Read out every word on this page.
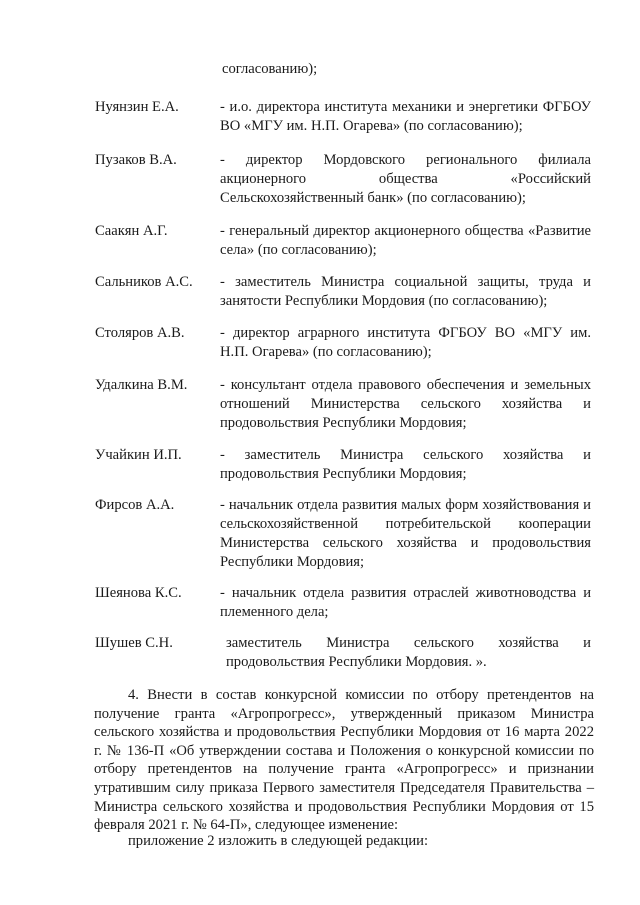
согласованию);
Нуянзин Е.А.	- и.о. директора института механики и энергетики ФГБОУ ВО «МГУ им. Н.П. Огарева» (по согласованию);
Пузаков В.А.	- директор Мордовского регионального филиала акционерного общества «Российский Сельскохозяйственный банк» (по согласованию);
Саакян А.Г.	- генеральный директор акционерного общества «Развитие села» (по согласованию);
Сальников А.С. - заместитель Министра социальной защиты, труда и занятости Республики Мордовия (по согласованию);
Столяров А.В. - директор аграрного института ФГБОУ ВО «МГУ им. Н.П. Огарева» (по согласованию);
Удалкина В.М. - консультант отдела правового обеспечения и земельных отношений Министерства сельского хозяйства и продовольствия Республики Мордовия;
Учайкин И.П.	- заместитель Министра сельского хозяйства и продовольствия Республики Мордовия;
Фирсов А.А.	- начальник отдела развития малых форм хозяйствования и сельскохозяйственной потребительской кооперации Министерства сельского хозяйства и продовольствия Республики Мордовия;
Шеянова К.С.	- начальник отдела развития отраслей животноводства и племенного дела;
Шушев С.Н.	заместитель Министра сельского хозяйства и продовольствия Республики Мордовия. ».
4. Внести в состав конкурсной комиссии по отбору претендентов на получение гранта «Агропрогресс», утвержденный приказом Министра сельского хозяйства и продовольствия Республики Мордовия от 16 марта 2022 г. № 136-П «Об утверждении состава и Положения о конкурсной комиссии по отбору претендентов на получение гранта «Агропрогресс» и признании утратившим силу приказа Первого заместителя Председателя Правительства – Министра сельского хозяйства и продовольствия Республики Мордовия от 15 февраля 2021 г. № 64-П», следующее изменение:
приложение 2 изложить в следующей редакции:
